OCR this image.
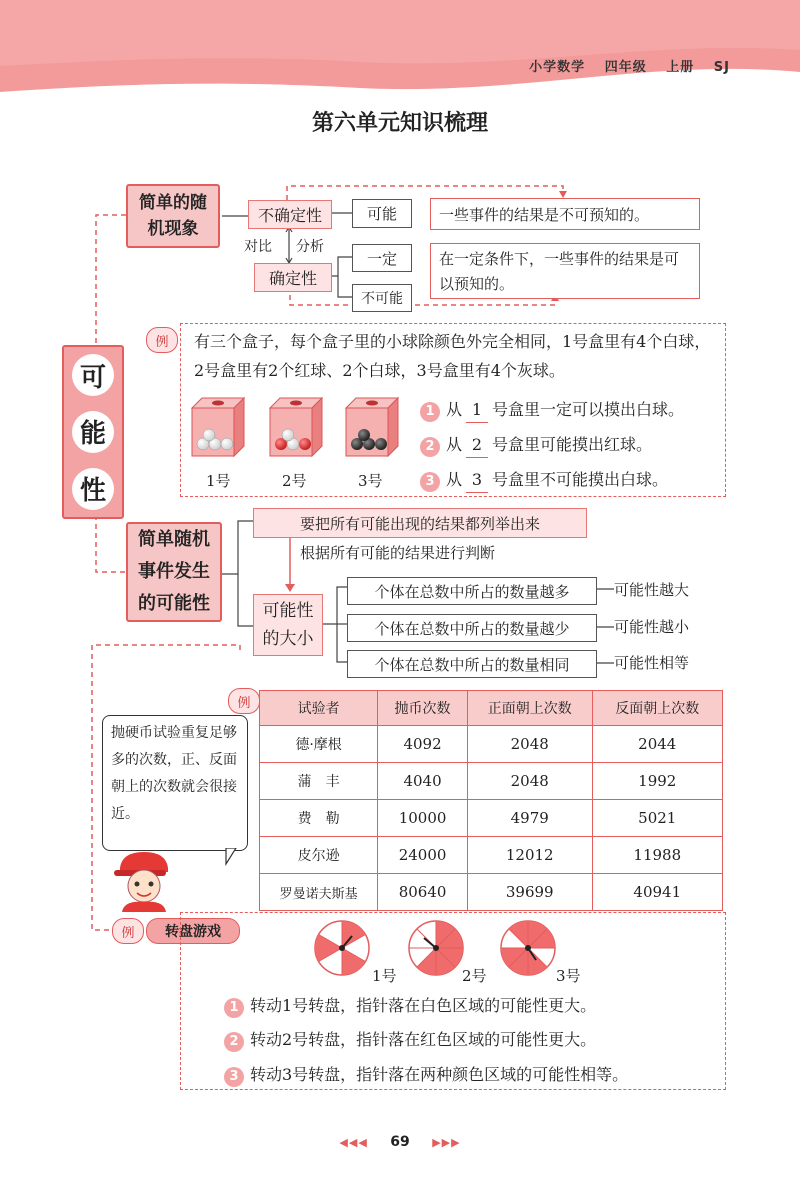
小学数学 四年级 上册 SJ
第六单元知识梳理
可
能
性
简单的随机现象
不确定性	可能	一些事件的结果是不可预知的。
对比 分析
确定性
一定
不可能
在一定条件下，一些事件的结果是可以预知的。
例	有三个盒子，每个盒子里的小球除颜色外完全相同，1号盒里有4个白球，2号盒里有2个红球、2个白球，3号盒里有4个灰球。
1号	2号	3号
1 从 1 号盒里一定可以摸出白球。
2 从 2 号盒里可能摸出红球。
3 从 3 号盒里不可能摸出白球。
简单随机事件发生的可能性
要把所有可能出现的结果都列举出来
根据所有可能的结果进行判断
可能性的大小
个体在总数中所占的数量越多	可能性越大
个体在总数中所占的数量越少	可能性越小
个体在总数中所占的数量相同	可能性相等
例
抛硬币试验重复足够多的次数，正、反面朝上的次数就会很接近。
试验者	抛币次数	正面朝上次数	反面朝上次数
德·摩根	4092	2048	2044
蒲　丰	4040	2048	1992
费　勒	10000	4979	5021
皮尔逊	24000	12012	11988
罗曼诺夫斯基	80640	39699	40941
例	转盘游戏
1号	2号	3号
1 转动1号转盘，指针落在白色区域的可能性更大。
2 转动2号转盘，指针落在红色区域的可能性更大。
3 转动3号转盘，指针落在两种颜色区域的可能性相等。
◀◀◀ 69 ▶▶▶
